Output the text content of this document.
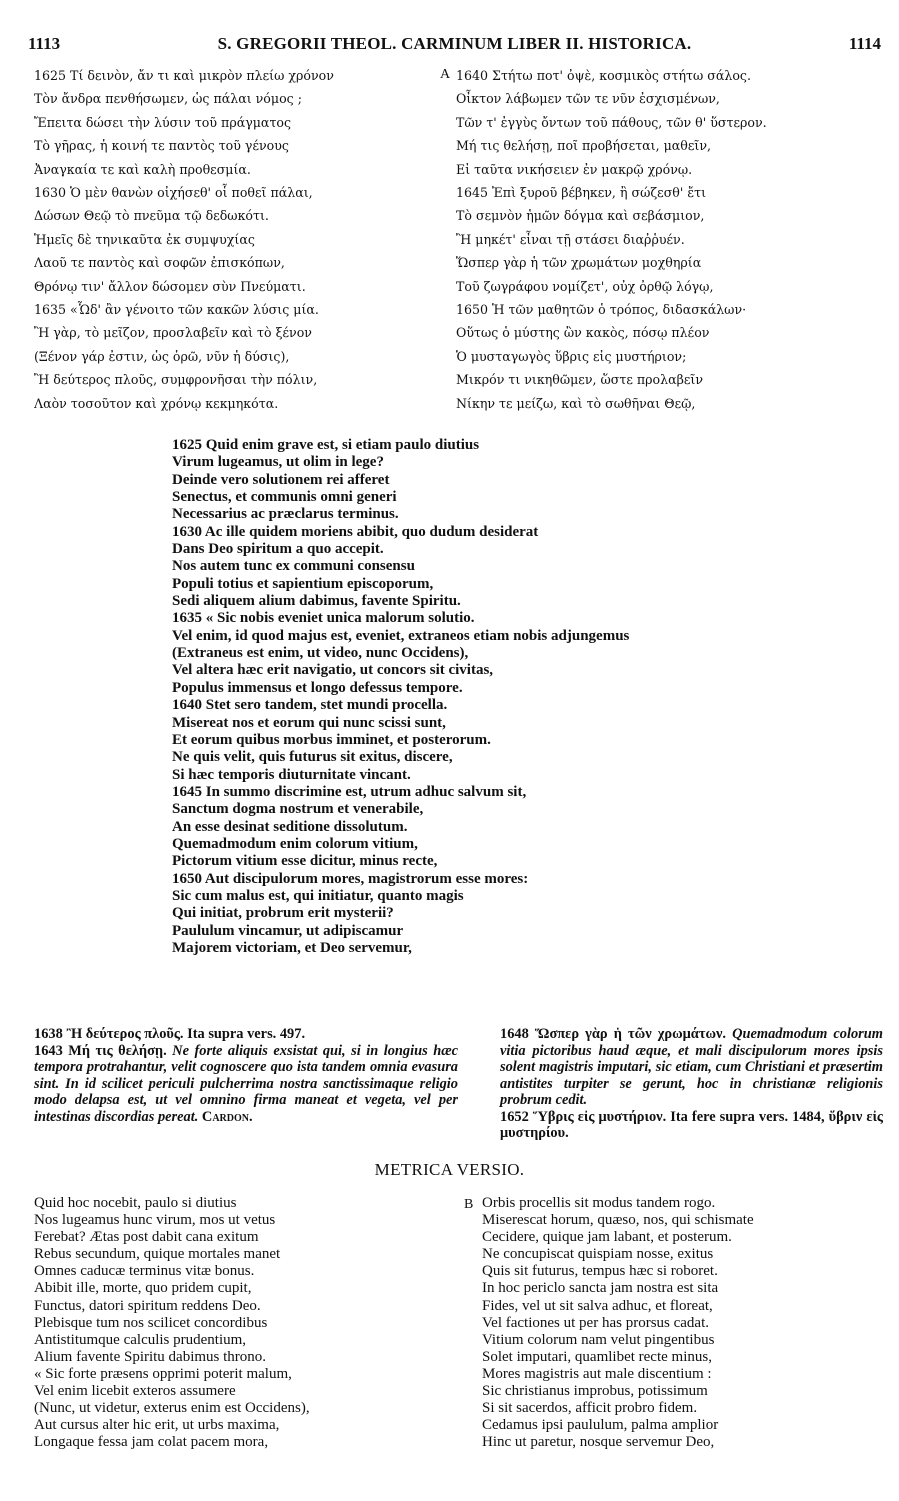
1113	S. GREGORII THEOL. CARMINUM LIBER II. HISTORICA.	1114
1625 Τί δεινὸν, ἄν τι καὶ μικρὸν πλείω χρόνον
Τὸν ἄνδρα πενθήσωμεν, ὡς πάλαι νόμος ;
Ἔπειτα δώσει τὴν λύσιν τοῦ πράγματος
Τὸ γῆρας, ἡ κοινή τε παντὸς τοῦ γένους
Ἀναγκαία τε καὶ καλὴ προθεσμία.
1630 Ὁ μὲν θανὼν οἰχήσεθ' οἷ ποθεῖ πάλαι,
Δώσων Θεῷ τὸ πνεῦμα τῷ δεδωκότι.
Ἡμεῖς δὲ τηνικαῦτα ἐκ συμψυχίας
Λαοῦ τε παντὸς καὶ σοφῶν ἐπισκόπων,
Θρόνῳ τιν' ἄλλον δώσομεν σὺν Πνεύματι.
1635 «Ὧδ' ἂν γένοιτο τῶν κακῶν λύσις μία.
Ἢ γὰρ, τὸ μεῖζον, προσλαβεῖν καὶ τὸ ξένον
(Ξένον γάρ ἐστιν, ὡς ὁρῶ, νῦν ἡ δύσις),
Ἢ δεύτερος πλοῦς, συμφρονῆσαι τὴν πόλιν,
Λαὸν τοσοῦτον καὶ χρόνῳ κεκμηκότα.
A 1640 Στήτω ποτ' ὀψὲ, κοσμικὸς στήτω σάλος.
Οἶκτον λάβωμεν τῶν τε νῦν ἐσχισμένων,
Τῶν τ' ἐγγὺς ὄντων τοῦ πάθους, τῶν θ' ὕστερον.
Μή τις θελήσῃ, ποῖ προβήσεται, μαθεῖν,
Εἰ ταῦτα νικήσειεν ἐν μακρῷ χρόνῳ.
1645 Ἐπὶ ξυροῦ βέβηκεν, ἢ σώζεσθ' ἔτι
Τὸ σεμνὸν ἡμῶν δόγμα καὶ σεβάσμιον,
Ἢ μηκέτ' εἶναι τῇ στάσει διαῤῥυέν.
Ὥσπερ γὰρ ἡ τῶν χρωμάτων μοχθηρία
Τοῦ ζωγράφου νομίζετ', οὐχ ὀρθῷ λόγῳ,
1650 Ἡ τῶν μαθητῶν ὁ τρόπος, διδασκάλων·
Οὕτως ὁ μύστης ὢν κακὸς, πόσῳ πλέον
Ὁ μυσταγωγὸς ὕβρις εἰς μυστήριον;
Μικρόν τι νικηθῶμεν, ὥστε προλαβεῖν
Νίκην τε μείζω, καὶ τὸ σωθῆναι Θεῷ,
1625 Quid enim grave est, si etiam paulo diutius
Virum lugeamus, ut olim in lege?
Deinde vero solutionem rei afferet
Senectus, et communis omni generi
Necessarius ac præclarus terminus.
1630 Ac ille quidem moriens abibit, quo dudum desiderat
Dans Deo spiritum a quo accepit.
Nos autem tunc ex communi consensu
Populi totius et sapientium episcoporum,
Sedi aliquem alium dabimus, favente Spiritu.
1635 « Sic nobis eveniet unica malorum solutio.
Vel enim, id quod majus est, eveniet, extraneos etiam nobis adjungemus
(Extraneus est enim, ut video, nunc Occidens),
Vel altera hæc erit navigatio, ut concors sit civitas,
Populus immensus et longo defessus tempore.
1640 Stet sero tandem, stet mundi procella.
Misereat nos et eorum qui nunc scissi sunt,
Et eorum quibus morbus imminet, et posterorum.
Ne quis velit, quis futurus sit exitus, discere,
Si hæc temporis diuturnitate vincant.
1645 In summo discrimine est, utrum adhuc salvum sit,
Sanctum dogma nostrum et venerabile,
An esse desinat seditione dissolutum.
Quemadmodum enim colorum vitium,
Pictorum vitium esse dicitur, minus recte,
1650 Aut discipulorum mores, magistrorum esse mores:
Sic cum malus est, qui initiatur, quanto magis
Qui initiat, probrum erit mysterii?
Paululum vincamur, ut adipiscamur
Majorem victoriam, et Deo servemur,

1638 Ἢ δεύτερος πλοῦς. Ita supra vers. 497.

1643 Μή τις θελήσῃ. Ne forte aliquis exsistat qui, si in longius hæc tempora protrahantur, velit cognoscere quo ista tandem omnia evasura sint. In id scilicet periculi pulcherrima nostra sanctissimaque religio modo delapsa est, ut vel omnino firma maneat et vegeta, vel per intestinas discordias pereat. Cardon.

1648 Ὥσπερ γὰρ ἡ τῶν χρωμάτων. Quemadmodum colorum vitia pictoribus haud æque, et mali discipulorum mores ipsis solent magistris imputari, sic etiam, cum Christiani et præsertim antistites turpiter se gerunt, hoc in christianæ religionis probrum cedit.

1652 Ὕβρις εἰς μυστήριον. Ita fere supra vers. 1484, ὕβριν εἰς μυστηρίου.

METRICA VERSIO.
Quid hoc nocebit, paulo si diutius
Nos lugeamus hunc virum, mos ut vetus
Ferebat? Ætas post dabit cana exitum
Rebus secundum, quique mortales manet
Omnes caducæ terminus vitæ bonus.
Abibit ille, morte, quo pridem cupit,
Functus, datori spiritum reddens Deo.
Plebisque tum nos scilicet concordibus
Antistitumque calculis prudentium,
Alium favente Spiritu dabimus throno.
« Sic forte præsens opprimi poterit malum,
Vel enim licebit exteros assumere
(Nunc, ut videtur, exterus enim est Occidens),
Aut cursus alter hic erit, ut urbs maxima,
Longaque fessa jam colat pacem mora,
B Orbis procellis sit modus tandem rogo.
Miserescat horum, quæso, nos, qui schismate
Cecidere, quique jam labant, et posterum.
Ne concupiscat quispiam nosse, exitus
Quis sit futurus, tempus hæc si roboret.
In hoc periclo sancta jam nostra est sita
Fides, vel ut sit salva adhuc, et floreat,
Vel factiones ut per has prorsus cadat.
Vitium colorum nam velut pingentibus
Solet imputari, quamlibet recte minus,
Mores magistris aut male discentium :
Sic christianus improbus, potissimum
Si sit sacerdos, afficit probro fidem.
Cedamus ipsi paululum, palma amplior
Hinc ut paretur, nosque servemur Deo,
